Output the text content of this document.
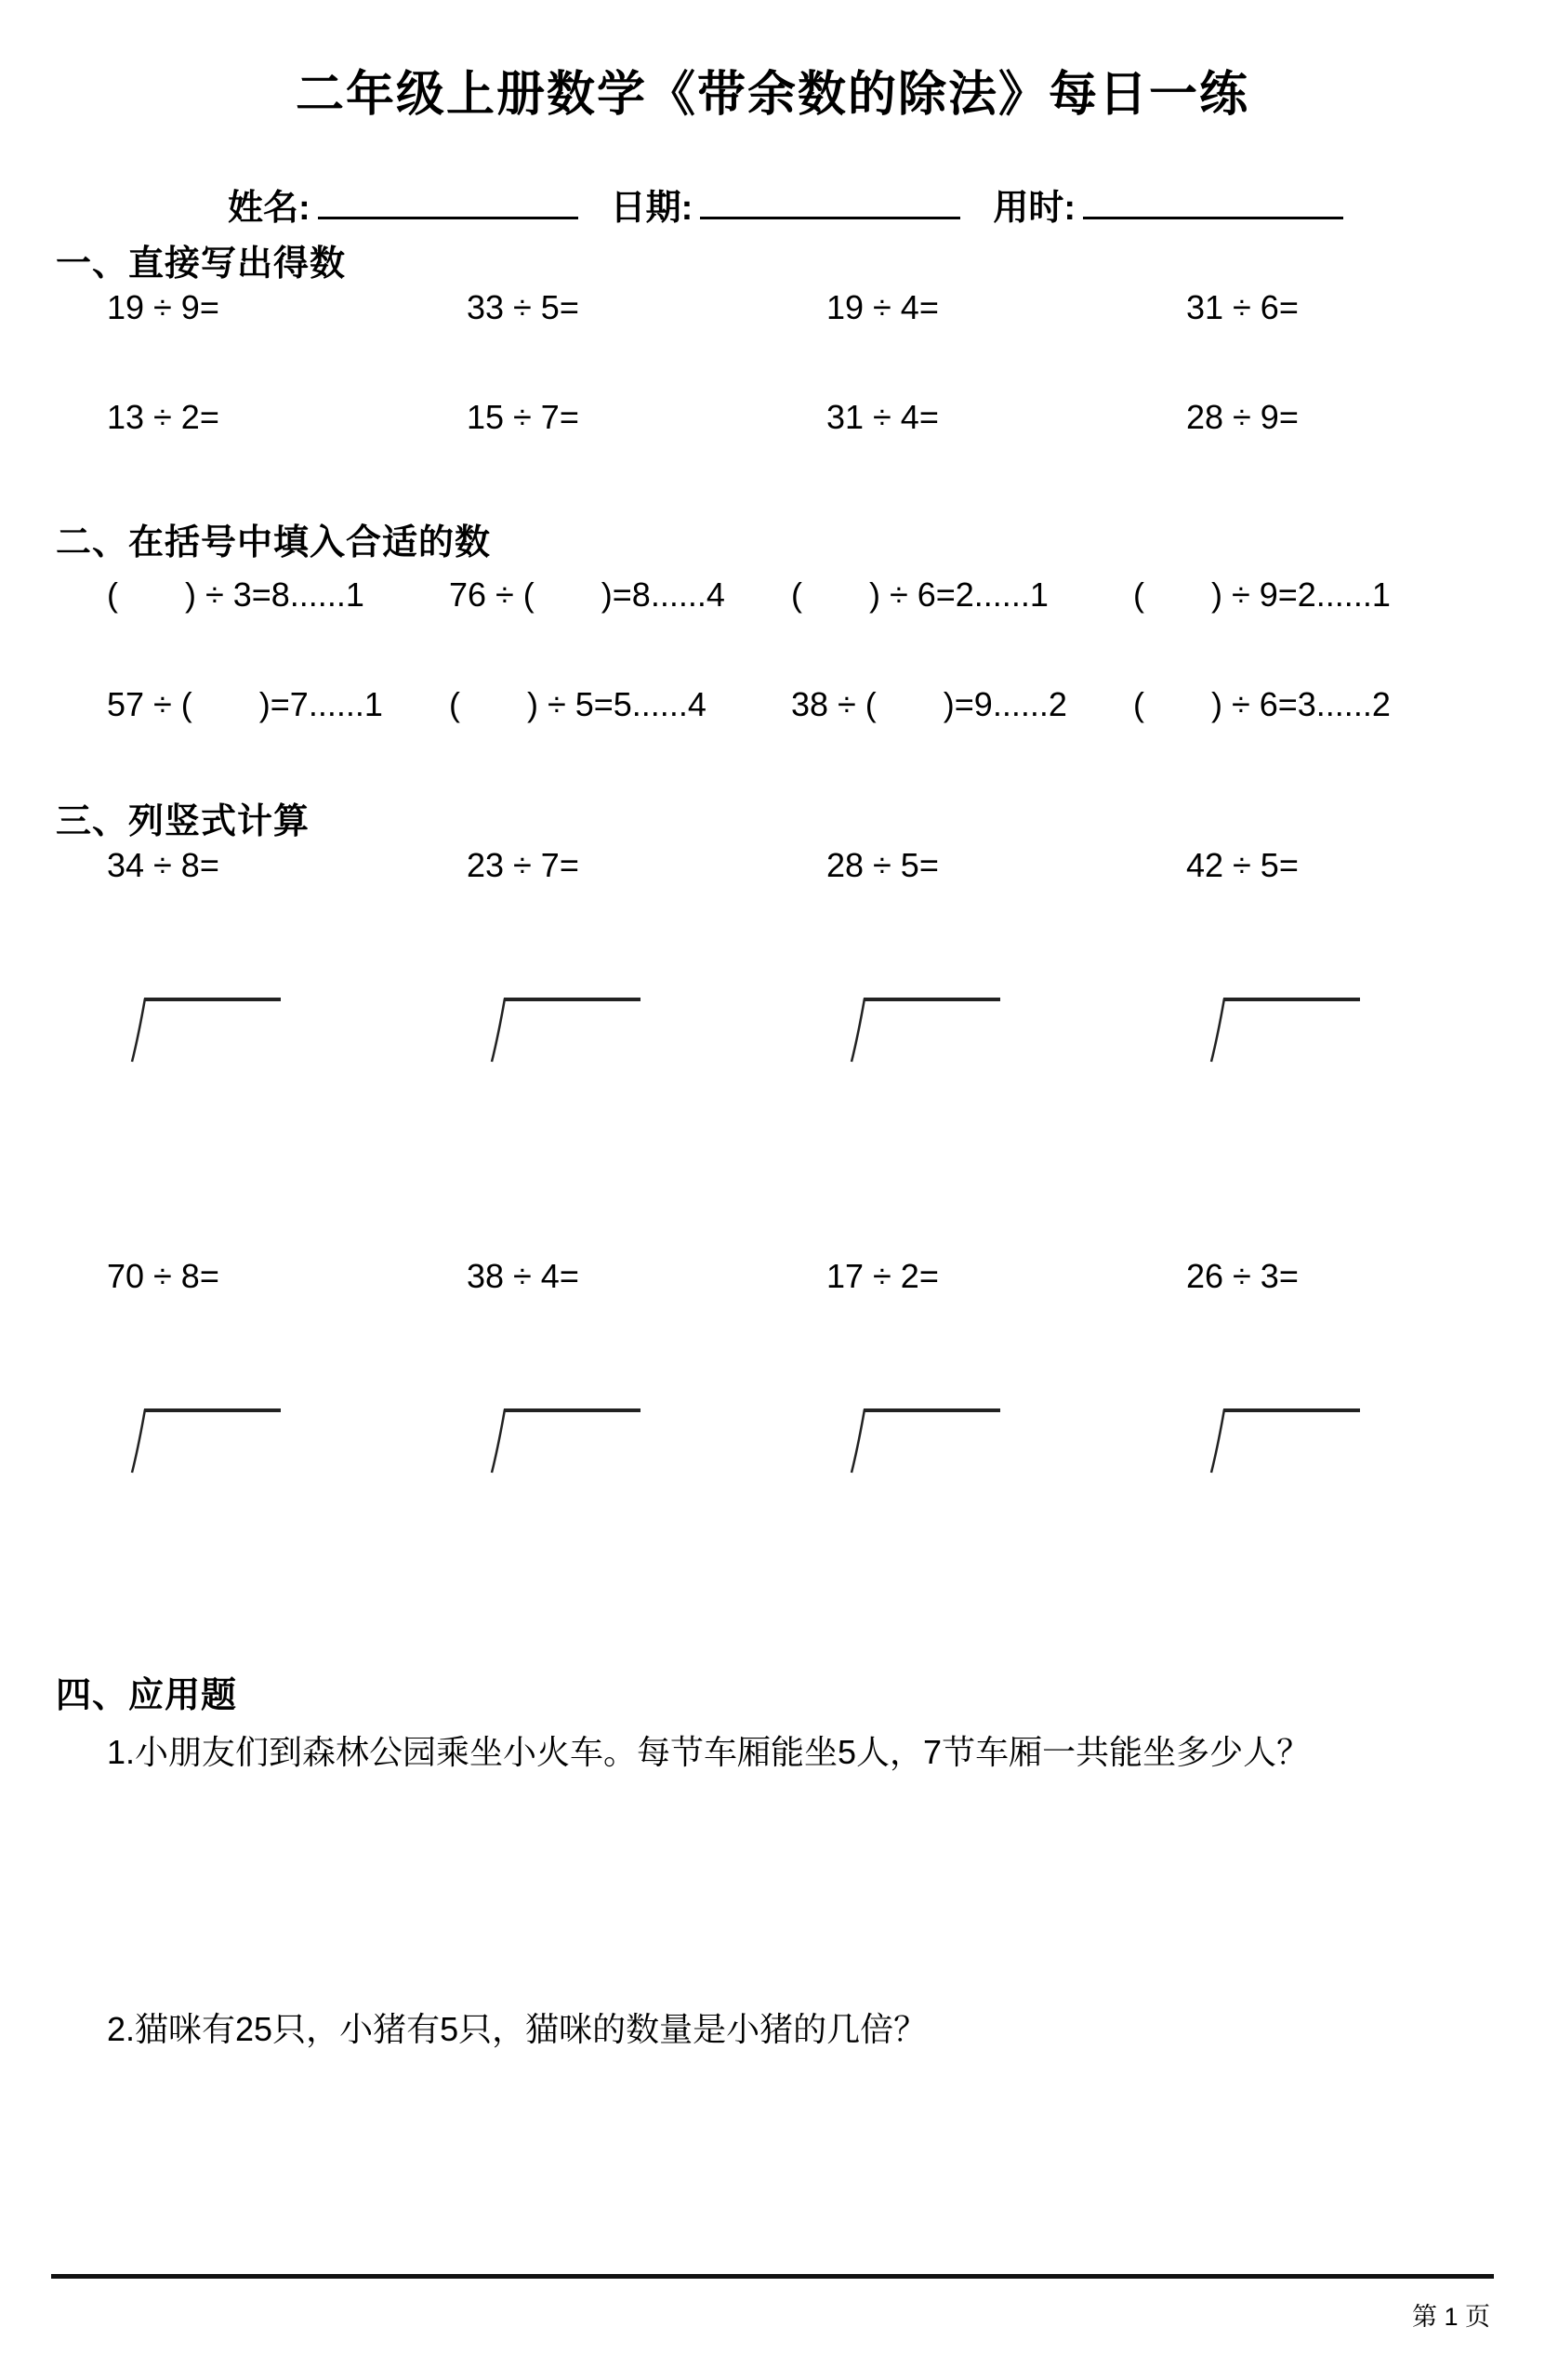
二年级上册数学《带余数的除法》每日一练
姓名:	日期:	用时:
一、直接写出得数
19 ÷ 9=	33 ÷ 5=	19 ÷ 4=	31 ÷ 6=
13 ÷ 2=	15 ÷ 7=	31 ÷ 4=	28 ÷ 9=
二、在括号中填入合适的数
(　　) ÷ 3=8......1	76 ÷ (　　)=8......4	(　　) ÷ 6=2......1	(　　) ÷ 9=2......1
57 ÷ (　　)=7......1	(　　) ÷ 5=5......4	38 ÷ (　　)=9......2	(　　) ÷ 6=3......2
三、列竖式计算
34 ÷ 8=	23 ÷ 7=	28 ÷ 5=	42 ÷ 5=
70 ÷ 8=	38 ÷ 4=	17 ÷ 2=	26 ÷ 3=
四、应用题
1.小朋友们到森林公园乘坐小火车。每节车厢能坐5人，7节车厢一共能坐多少人？
2.猫咪有25只，小猪有5只，猫咪的数量是小猪的几倍？
第 1 页
